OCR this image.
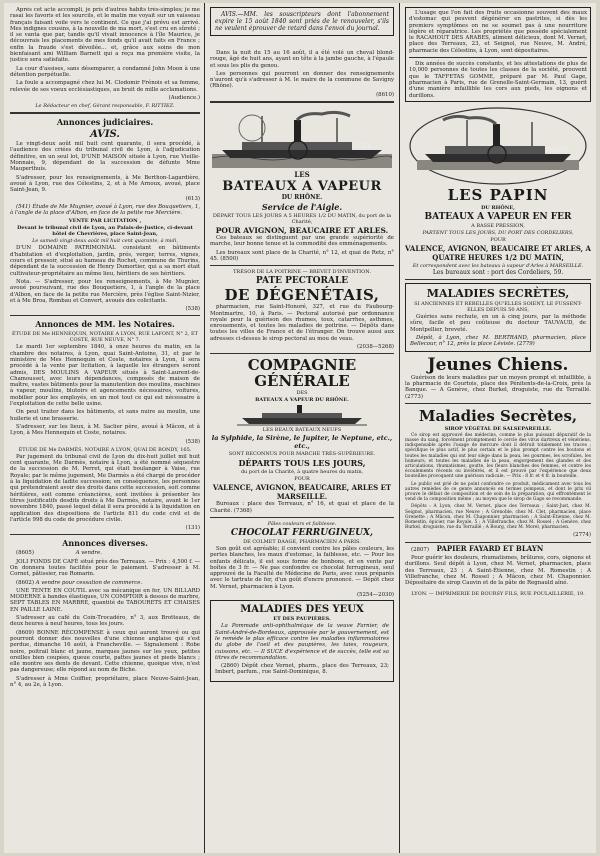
Après cet acte accompli, je pris d'autres habits très-simples; je me rasai les favoris et les sourcils, et le matin me voyait sur un vaisseau français faisant voile vers le continent. Ce que j'ai prévu est arrivé. Mes indignes cousins, à la nouvelle de ma mort, s'est cru en sûreté ; il se vanta que par, tandis qu'il vivait innocence à l'île Maurice, je découvrais les placements de mes fonds qu'il avait faits en France ; enfin la fraude s'est dévoilée... et, grâce aux soins de mon bienfaisant ami William Barnett qui a reçu ma première visite, la justice sera satisfaite.

La cour d'assises, sans désemparer, a condamné John Moon à une détention perpétuelle.

La foule a accompagné chez lui M. Clodomir Frénois et sa femme, relevée de ses voeux ecclésiastiques, au bruit de mille acclamations.

(Audience.)

Le Rédacteur en chef, Gérant responsable, F. RITTIEZ.

Annonces judiciaires.
AVIS.

Le vingt-deux août mil huit cent quarante, il sera procédé, à l'audience des criées du tribunal civil de Lyon, à l'adjudication définitive, en un seul lot, D'UNE MAISON située à Lyon, rue Vieille-Monnaie, 9, dépendant de la succession de défunte Mme Mauperthuis.

S'adresser, pour les renseignements, à Me Berthon-Lagardière, avoué à Lyon, rue des Célestins, 2, et à Me Arnoux, avoué, place Saint-Jean, 9.

(613)

(541) Étude de Me Mugnier, avoué à Lyon, rue des Bouquetiers, 1, à l'angle de la place d'Albon, en face de la petite rue Mercière.

VENTE PAR LICITATION ,

Devant le tribunal civil de Lyon, au Palais-de-Justice, ci-devant hôtel de Chevrières, place Saint-Jean,

Le samedi vingt-deux août mil huit cent quarante, à midi,

D'UN DOMAINE PATRIMONIAL consistant en bâtiments d'habitation et d'exploitation, jardin, prés, verger, terres, vignes, cours et pressoir, situé au hameau du Rochet, commune de Thurins, dépendant de la succession de Henry Dumortier, qui a sa mort était cultivateur-propriétaire au même lieu, héritiers de ses héritiers.

Nota. — S'adresser, pour les renseignements, à Me Mugnier, avoué poursuivant, rue des Bouquetiers, 1, à l'angle de la place d'Albon, en face de la petite rue Mercière, près l'église Saint-Nizier, et à Me Broa, Rombau et Convert, avoués des colicitants.

(538)

Annonces de MM. les Notaires.

ÉTUDE DE Me HENNEQUIN, NOTAIRE A LYON, RUE LAFONT, N° 2, ET COSTE, RUE NEUVE, N° 7.

Le mardi 1er septembre 1840, à onze heures du matin, en la chambre des notaires, à Lyon, quai Saint-Antoine, 31, et par le ministère de Mes Hennequin et Coste, notaires à Lyon, il sera procédé à la vente par licitation, à laquelle les étrangers seront admis, DES MOULINS A VAPEUR situés à Saint-Laurent-de-Chamousset, avec leurs dépendances, composés de maison de maître, vastes bâtiments pour la manutention des moulins, machines à vapeur, moulins, blutoirs et agencements nécessaires, voitures, mobilier pour les employés, en un mot tout ce qui est nécessaire à l'exploitation de cette belle usine.

On peut traiter dans les bâtiments, et sans nuire au moulin, une huilerie et une brasserie.

S'adresser, sur les lieux, à M. Saclier père, avoué à Mâcon, et à Lyon, à Mes Hennequin et Coste, notaires.

(538)

ÉTUDE DE Me DARMÈS, NOTAIRE A LYON, QUAI DE BONDY, 165.

Par jugement du tribunal civil de Lyon du dix-huit juillet mil huit cent quarante, Me Darmès, notaire à Lyon, a été nommé séquestre de la succession de M. Perret, qui était boulanger à Vaise, rue Royale; par le même jugement, Me Darmès a été chargé de procéder à la liquidation de ladite succession; en conséquence, les personnes qui prétendraient avoir des droits dans cette succession, soit comme héritières, soit comme créancières, sont invitées à présenter les titres justificatifs desdits droits à Me Darmès, notaire, avant le 1er novembre 1840, passé lequel délai il sera procédé à la liquidation en application des dispositions de l'article 811 du code civil et de l'article 998 du code de procédure civile.

(131)

Annonces diverses.

(8605)	A vendre.

JOLI FONDS DE CAFÉ situé près des Terreaux. — Prix : 4,500 f. — On donnera toutes facilités pour le paiement. S'adresser à M. Cornet, pâtissier, rue Romarin.

(8602) A vendre pour cessation de commerce.

UNE TENTE EN COUTIL avec sa mécanique en fer, UN BILLARD MODERNE à bandes élastiques, UN COMPTOIR à dessus de marbre, SEPT TABLES EN MARBRE, quantité de TABOURETS ET CHAISES EN PAILLE LAINE.

S'adresser au café du Coin-Trocadéro, n° 3, aux Brotteaux, de deux heures à neuf heures, tous les jours.

(8609) BONNE RÉCOMPENSE à ceux qui auront trouvé ou qui pourront donner des nouvelles d'une chienne anglaise qui s'est perdue, dimanche 16 août, à Francheville. — Signalement : Robe noire, poitrail blanc et jaune, marques jaunes sur les yeux, petites oreilles bien coupées, queue courte, pattes jaunes et pieds blancs ; elle montre ses dents de devant. Cette chienne, quoique vive, n'est pas dangereuse; elle répond au nom de Biche.

S'adresser à Mme Coiffier, propriétaire, place Neuve-Saint-Jean, n° 4, au 2e, à Lyon.

AVIS.—MM. les souscripteurs dont l'abonnement expire le 15 août 1840 sont priés de le renouveler, s'ils ne veulent éprouver de retard dans l'envoi du journal.

Dans la nuit du 15 au 16 août, il a été volé un cheval blond-rouge, âgé de huit ans, ayant en tête à la jambe gauche, à l'épaule et sous les plis du genou.

Les personnes qui pourront en donner des renseignements n'auront qu'à s'adresser à M. le maire de la commune de Savigny (Rhône).

(8610)

AIGLE
LES
BATEAUX A VAPEUR
DU RHÔNE.
Service de l'Aigle.

DÉPART TOUS LES JOURS A 5 HEURES 1/2 DU MATIN, du port de la Charité,

POUR AVIGNON, BEAUCAIRE ET ARLES.

Ces bateaux se distinguent par une grande supériorité de marche, leur bonne tenue et la commodité des emménagements.

Les bureaux sont place de la Charité, n° 12, et quai de Retz, n° 45. (8500)

TRÉSOR DE LA POITRINE — BREVET D'INVENTION.

PATE PECTORALE
DE DÉGENÉTAIS,

pharmacien, rue Saint-Honoré, 327, et rue du Faubourg-Montmartre, 10, à Paris. — Pectoral autorisé par ordonnance royale pour la guérison des rhumes, toux, catarrhes, asthmes, enrouements, et toutes les maladies de poitrine. — Dépôts dans toutes les villes de France et de l'étranger. On trouve aussi aux adresses ci-dessus le sirop pectoral au mou de veau.

(2038—5268)

COMPAGNIE GÉNÉRALE
DES
BATEAUX A VAPEUR DU RHÔNE.

LES BEAUX BATEAUX NEUFS

la Sylphide, la Sirène, le Jupiter, le Neptune, etc., etc.,

SONT RECONNUS POUR MARCHE TRÈS-SUPÉRIEURE.

DÉPARTS TOUS LES JOURS,

du port de la Charité, à quatre heures du matin,

POUR

VALENCE, AVIGNON, BEAUCAIRE, ARLES ET MARSEILLE.

Bureaux : place des Terreaux, n° 16, et quai et place de la Charité. (7368)

Pâles couleurs et faiblesse.

CHOCOLAT FERRUGINEUX,

DE COLMET DAAGE, PHARMACIEN A PARIS.

Son goût est agréable; il convient contre les pâles couleurs, les pertes blanches, les maux d'estomac, la faiblesse, etc. — Pour les enfants délicats, il est sous forme de bonbons, et en vente par boîtes de 3 fr. — Ne pas confondre ce chocolat ferrugineux, seul approuvé de la Faculté de Médecine de Paris, avec ceux préparés avec le tartrate de fer, d'un goût d'encre prononcé. — Dépôt chez M. Vernet, pharmacien à Lyon.

(5254—2030)

MALADIES DES YEUX
ET DES PAUPIÈRES.

La Pommade anti-ophthalmique de la veuve Farnier, de Saint-André-de-Bordeaux, approuvée par le gouvernement, est le remède le plus efficace contre les maladies inflammatoires du globe de l'oeil et des paupières, les taies, rougeurs, cuissons, etc. — Il SUCE d'expérience et de succès, telle est sa titres de recommandation.

(2860) Dépôt chez Vernet, pharm., place des Terreaux, 23; Imbert, parfum., rue Saint-Dominique, 8.

L'usage que l'on fait des fruits occasionne souvent des maux d'estomac qui peuvent dégénérer en gastrites, si dès les premiers symptômes on ne se soumet pas à une nourriture légère et réparatrice. Les propriétés que possède spécialement le RACAHOUT DES ARABES, aliment délicieux, dont M. Vernet, place des Terreaux, 23, et Seignol, rue Neuve, M. André, pharmacie des Célestins, à Lyon, sont dépositaires.

Dix années de succès constants, et les attestations de plus de 10,000 personnes de toutes les classes de la société, prouvent que le TAFFETAS GOMME, préparé par M. Paul Gage, pharmacien à Paris, rue de Grenelle-Saint-Germain, 13, guérit d'une manière infaillible les cors aux pieds, les oignons et durillons.

RHÔNE
LES PAPIN
DU RHÔNE,
BATEAUX A VAPEUR EN FER

A BASSE PRESSION,

PARTENT TOUS LES JOURS, DU PORT DES CORDELIERS,

POUR

VALENCE, AVIGNON, BEAUCAIRE ET ARLES, A QUATRE HEURES 1/2 DU MATIN,

Et correspondent avec les bateaux à vapeur d'Arles à MARSEILLE.

Les bureaux sont : port des Cordeliers, 59.

MALADIES SECRÈTES,

SI ANCIENNES ET REBELLES QU'ELLES SOIENT, LE FUSSENT-ELLES DEPUIS 50 ANS,

Guéries sans rechute, en un à cinq jours, par la méthode sûre, facile et peu coûteuse du docteur TAUVAUD, de Montpellier, breveté.

Dépôt, à Lyon, chez M. BERTRAND, pharmacien, place Bellecour, n° 12, près la place Léviste. (2779)

Jeunes Chiens.

Guérison de leurs maladies par un moyen prompt et infaillible, à la pharmacie de Courtois, place des Pénitents-de-la-Croix, près la Banque. — A Genève, chez Burkel, droguiste, rue du Terraillé. (2773)

Maladies Secrètes,

SIROP VÉGÉTAL DE SALSEPAREILLE.

Ce sirop est approuvé des médecins, comme le plus puissant dépuratif de la masse du sang, forcément promptement le cercle des virus dartreux et vénériens, indispensable après l'usage de mercure dont il détruit totalement les traces ; spécifique le plus actif, le plus certain et le plus prompt contre les boutons et toutes les maladies qui ont leur siège dans la peau, les gourmes, les scrofules, les humeurs, et toutes les maladies de la peau, engorgement des glandes et des articulations, rhumatismes, goutte, les fleurs blanches des femmes, et contre les écoulements récents ou invétérés, et il est prouvé par l'expérience que deux bouteilles provoquent une guérison radicale. — Prix : 8 fr. et 4 fr. la bouteille.

Le public est prié de ne point confondre ce produit, médicament avec tous les autres remèdes de ce genre annoncés en termes pompeux, et dont le prix vil prouve le défaut de composition et de soin de la préparation, qui effrontément le vend de la composition même ; au moyen que le sirop de Gage se recommande.

Dépôts : A Lyon, chez M. Vernet, place des Terreaux ; Saint-Just, chez M. Seignol, pharmacien, rue Neuve ; A Grenoble, chez M. Clet, pharmacien, place Grenette ; A Mâcon, chez M. Chaponnier, pharmacien ; A Saint-Étienne, chez M. Romestin, épicier, rue Royale, 5 ; A Villefranche, chez M. Rossel ; A Genève, chez Burkel, droguiste, rue du Terraillé ; A Bourg, chez M. Morel, pharmacien.

(2774)

(2807) PAPIER FAYARD ET BLAYN

Pour guérir les douleurs, rhumatismes, brûlures, cors, oignons et durillons. Seul dépôt à Lyon, chez M. Vernet, pharmacien, place des Terreaux, 23 ; A Saint-Étienne, chez M. Romestin ; A Villefranche, chez M. Rossel ; A Mâcon, chez M. Chaponnier. Dépositaire de sirop Cauvin et de la pâte de Regnauld aîné.

LYON. — IMPRIMERIE DE BOURSY FILS, RUE POULAILLERIE, 19.
